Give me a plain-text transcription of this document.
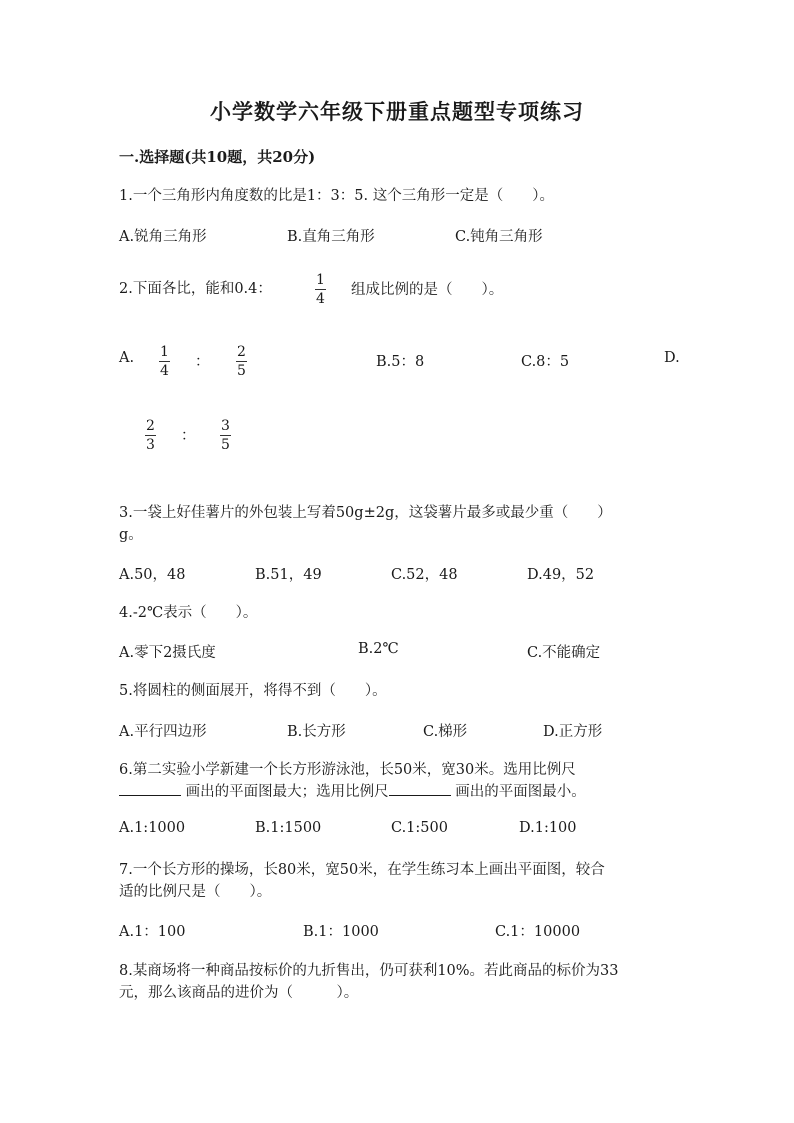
小学数学六年级下册重点题型专项练习
一.选择题(共10题，共20分)
1.一个三角形内角度数的比是1：3：5. 这个三角形一定是（　　）。
A.锐角三角形	B.直角三角形	C.钝角三角形
2.下面各比，能和0.4：
1
4
组成比例的是（　　）。
A. 1
4
：
2
5
B.5：8	C.8：5	D.
2
3
：
3
5
3.一袋上好佳薯片的外包装上写着50g±2g，这袋薯片最多或最少重（　　）
g。
A.50，48	B.51，49	C.52，48	D.49，52
4.-2℃表示（　　）。
A.零下2摄氏度	B.2℃	C.不能确定
5.将圆柱的侧面展开，将得不到（　　）。
A.平行四边形	B.长方形	C.梯形	D.正方形
6.第二实验小学新建一个长方形游泳池，长50米，宽30米。选用比例尺
画出的平面图最大；选用比例尺	画出的平面图最小。
A.1:1000	B.1:1500	C.1:500	D.1:100
7.一个长方形的操场，长80米，宽50米，在学生练习本上画出平面图，较合
适的比例尺是（　　）。
A.1：100	B.1：1000	C.1：10000
8.某商场将一种商品按标价的九折售出，仍可获利10%。若此商品的标价为33
元，那么该商品的进价为（　　　）。
